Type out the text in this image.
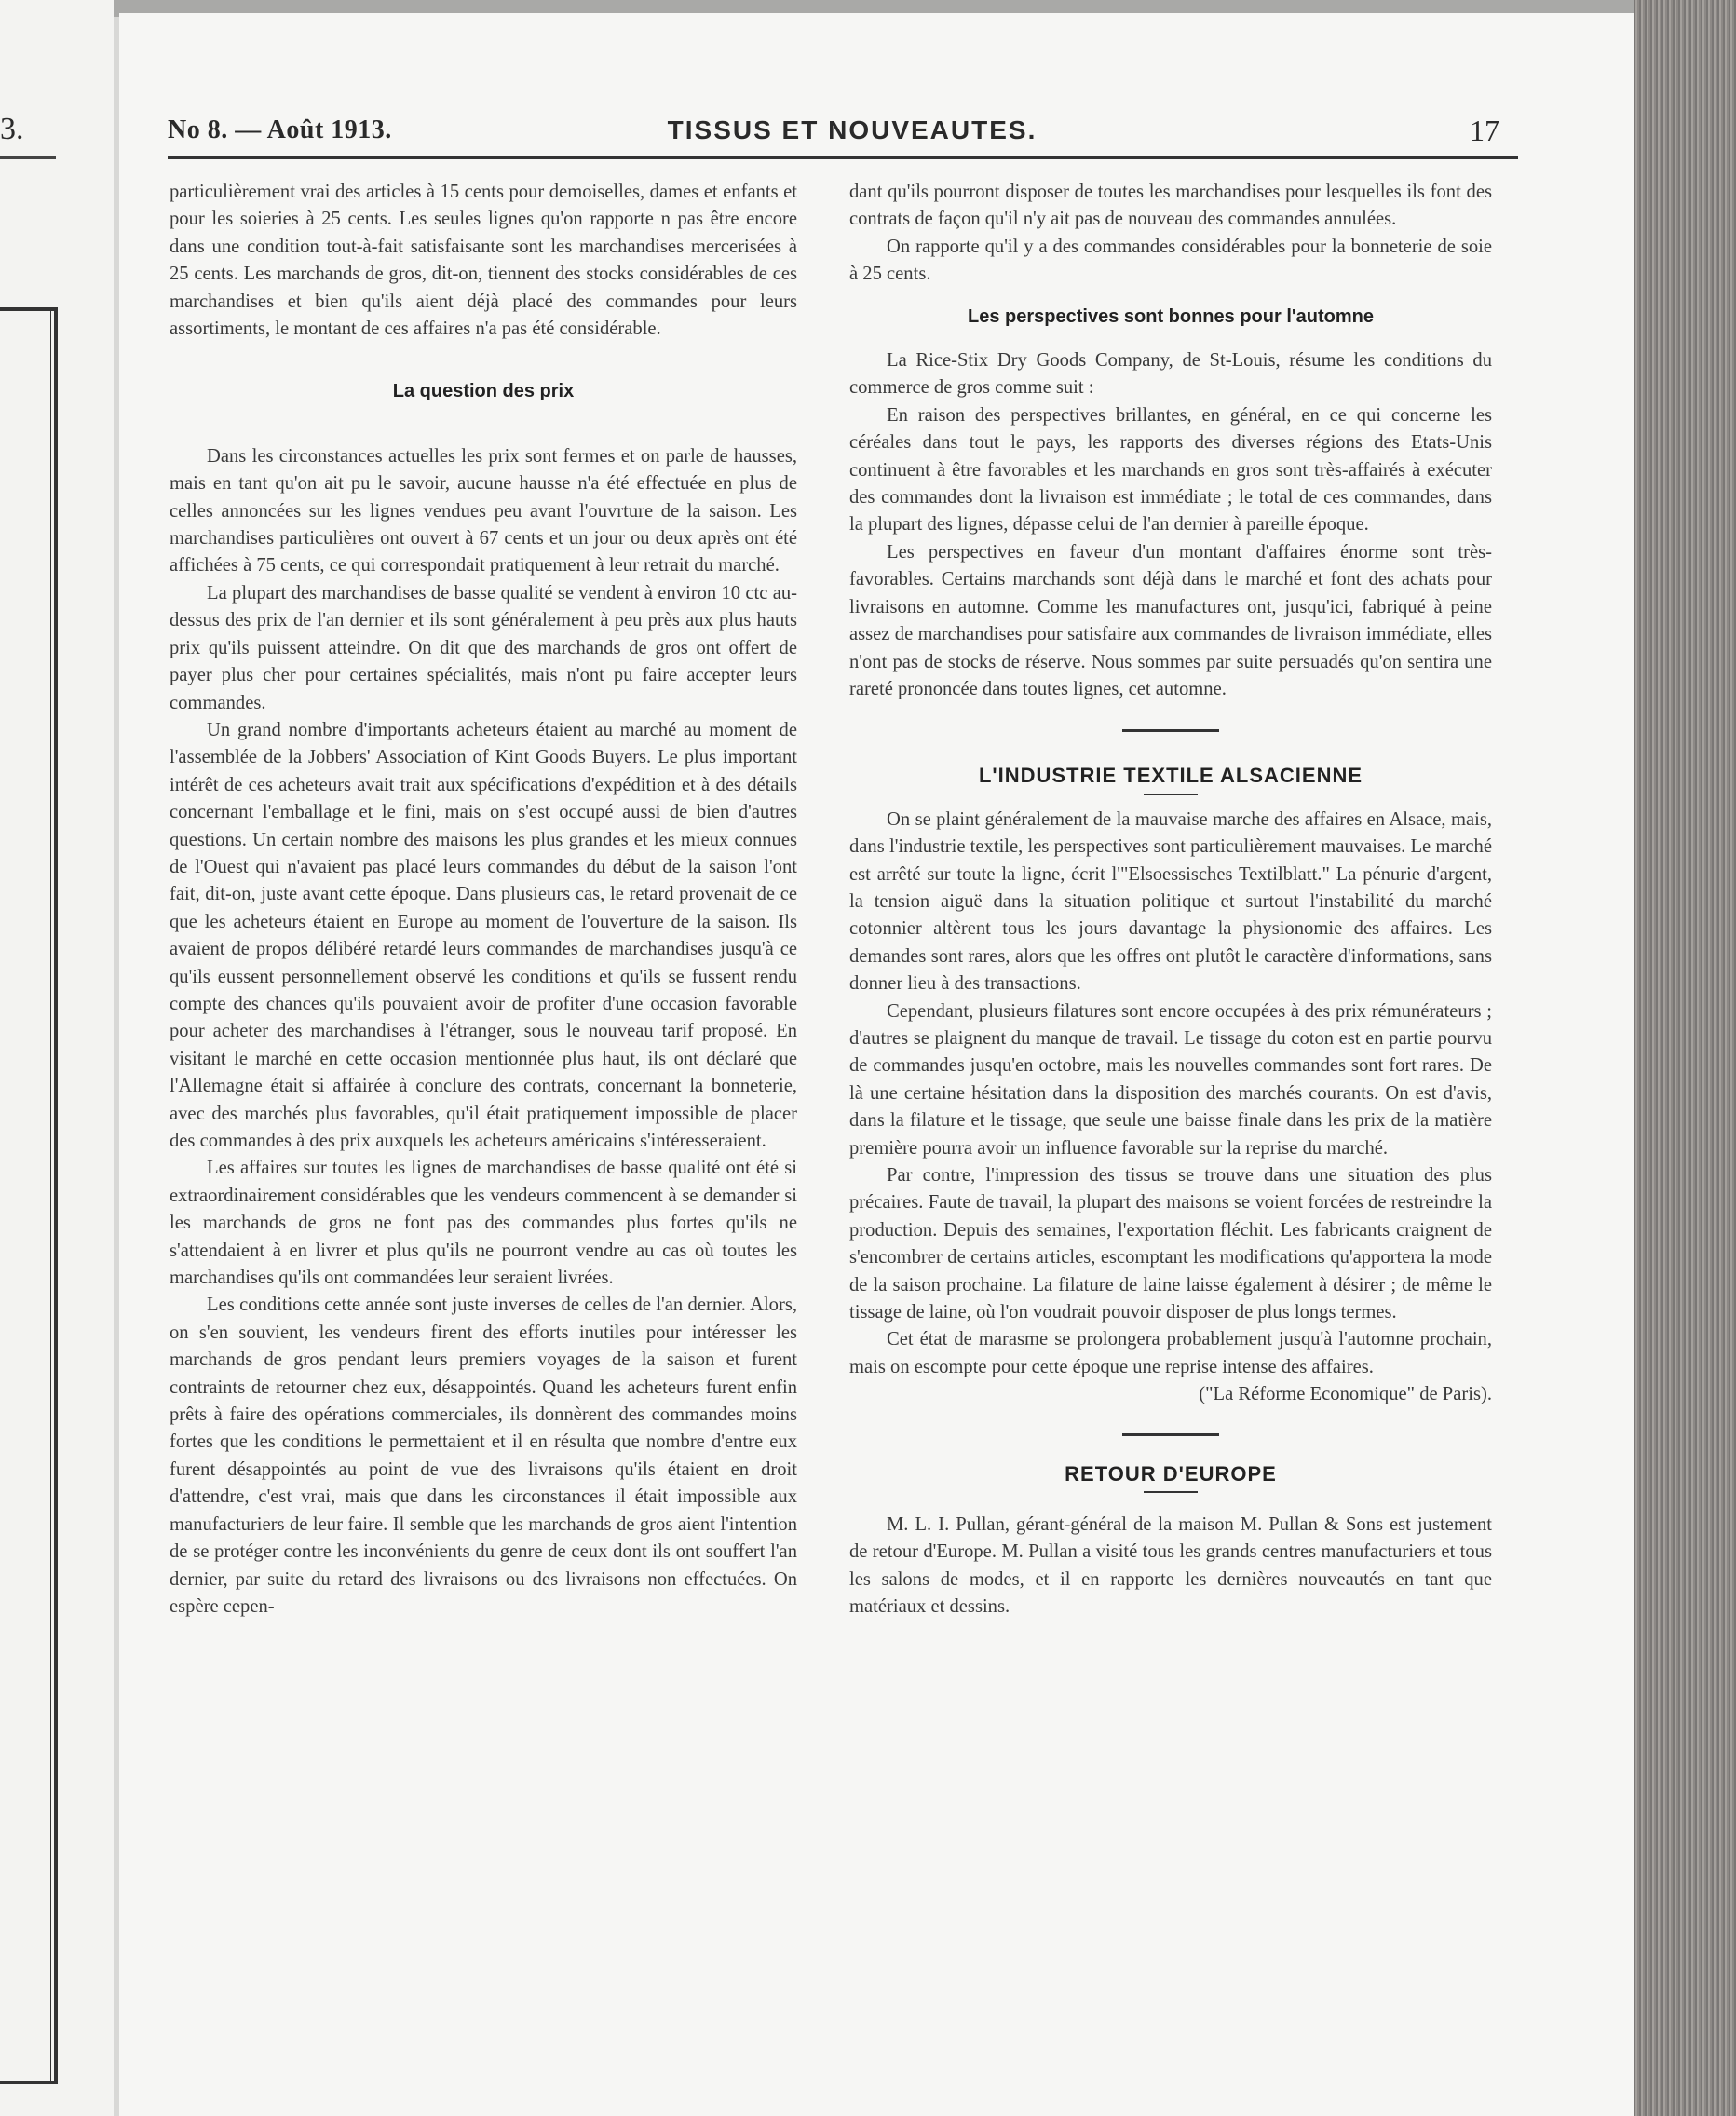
3.	No 8. — Août 1913.	TISSUS ET NOUVEAUTES.	17

particulièrement vrai des articles à 15 cents pour demoiselles, dames et enfants et pour les soieries à 25 cents. Les seules lignes qu'on rapporte n pas être encore dans une condition tout-à-fait satisfaisante sont les marchandises mercerisées à 25 cents. Les marchands de gros, dit-on, tiennent des stocks considérables de ces marchandises et bien qu'ils aient déjà placé des commandes pour leurs assortiments, le montant de ces affaires n'a pas été considérable.

La question des prix

Dans les circonstances actuelles les prix sont fermes et on parle de hausses, mais en tant qu'on ait pu le savoir, aucune hausse n'a été effectuée en plus de celles annoncées sur les lignes vendues peu avant l'ouvrture de la saison. Les marchandises particulières ont ouvert à 67 cents et un jour ou deux après ont été affichées à 75 cents, ce qui correspondait pratiquement à leur retrait du marché.

La plupart des marchandises de basse qualité se vendent à environ 10 ctc au-dessus des prix de l'an dernier et ils sont généralement à peu près aux plus hauts prix qu'ils puissent atteindre. On dit que des marchands de gros ont offert de payer plus cher pour certaines spécialités, mais n'ont pu faire accepter leurs commandes.

Un grand nombre d'importants acheteurs étaient au marché au moment de l'assemblée de la Jobbers' Association of Kint Goods Buyers. Le plus important intérêt de ces acheteurs avait trait aux spécifications d'expédition et à des détails concernant l'emballage et le fini, mais on s'est occupé aussi de bien d'autres questions. Un certain nombre des maisons les plus grandes et les mieux connues de l'Ouest qui n'avaient pas placé leurs commandes du début de la saison l'ont fait, dit-on, juste avant cette époque. Dans plusieurs cas, le retard provenait de ce que les acheteurs étaient en Europe au moment de l'ouverture de la saison. Ils avaient de propos délibéré retardé leurs commandes de marchandises jusqu'à ce qu'ils eussent personnellement observé les conditions et qu'ils se fussent rendu compte des chances qu'ils pouvaient avoir de profiter d'une occasion favorable pour acheter des marchandises à l'étranger, sous le nouveau tarif proposé. En visitant le marché en cette occasion mentionnée plus haut, ils ont déclaré que l'Allemagne était si affairée à conclure des contrats, concernant la bonneterie, avec des marchés plus favorables, qu'il était pratiquement impossible de placer des commandes à des prix auxquels les acheteurs américains s'intéresseraient.

Les affaires sur toutes les lignes de marchandises de basse qualité ont été si extraordinairement considérables que les vendeurs commencent à se demander si les marchands de gros ne font pas des commandes plus fortes qu'ils ne s'attendaient à en livrer et plus qu'ils ne pourront vendre au cas où toutes les marchandises qu'ils ont commandées leur seraient livrées.

Les conditions cette année sont juste inverses de celles de l'an dernier. Alors, on s'en souvient, les vendeurs firent des efforts inutiles pour intéresser les marchands de gros pendant leurs premiers voyages de la saison et furent contraints de retourner chez eux, désappointés. Quand les acheteurs furent enfin prêts à faire des opérations commerciales, ils donnèrent des commandes moins fortes que les conditions le permettaient et il en résulta que nombre d'entre eux furent désappointés au point de vue des livraisons qu'ils étaient en droit d'attendre, c'est vrai, mais que dans les circonstances il était impossible aux manufacturiers de leur faire. Il semble que les marchands de gros aient l'intention de se protéger contre les inconvénients du genre de ceux dont ils ont souffert l'an dernier, par suite du retard des livraisons ou des livraisons non effectuées. On espère cepen-

dant qu'ils pourront disposer de toutes les marchandises pour lesquelles ils font des contrats de façon qu'il n'y ait pas de nouveau des commandes annulées.

On rapporte qu'il y a des commandes considérables pour la bonneterie de soie à 25 cents.

Les perspectives sont bonnes pour l'automne

La Rice-Stix Dry Goods Company, de St-Louis, résume les conditions du commerce de gros comme suit :

En raison des perspectives brillantes, en général, en ce qui concerne les céréales dans tout le pays, les rapports des diverses régions des Etats-Unis continuent à être favorables et les marchands en gros sont très-affairés à exécuter des commandes dont la livraison est immédiate ; le total de ces commandes, dans la plupart des lignes, dépasse celui de l'an dernier à pareille époque.

Les perspectives en faveur d'un montant d'affaires énorme sont très-favorables. Certains marchands sont déjà dans le marché et font des achats pour livraisons en automne. Comme les manufactures ont, jusqu'ici, fabriqué à peine assez de marchandises pour satisfaire aux commandes de livraison immédiate, elles n'ont pas de stocks de réserve. Nous sommes par suite persuadés qu'on sentira une rareté prononcée dans toutes lignes, cet automne.

L'INDUSTRIE TEXTILE ALSACIENNE

On se plaint généralement de la mauvaise marche des affaires en Alsace, mais, dans l'industrie textile, les perspectives sont particulièrement mauvaises. Le marché est arrêté sur toute la ligne, écrit l'"Elsoessisches Textilblatt." La pénurie d'argent, la tension aiguë dans la situation politique et surtout l'instabilité du marché cotonnier altèrent tous les jours davantage la physionomie des affaires. Les demandes sont rares, alors que les offres ont plutôt le caractère d'informations, sans donner lieu à des transactions.

Cependant, plusieurs filatures sont encore occupées à des prix rémunérateurs ; d'autres se plaignent du manque de travail. Le tissage du coton est en partie pourvu de commandes jusqu'en octobre, mais les nouvelles commandes sont fort rares. De là une certaine hésitation dans la disposition des marchés courants. On est d'avis, dans la filature et le tissage, que seule une baisse finale dans les prix de la matière première pourra avoir un influence favorable sur la reprise du marché.

Par contre, l'impression des tissus se trouve dans une situation des plus précaires. Faute de travail, la plupart des maisons se voient forcées de restreindre la production. Depuis des semaines, l'exportation fléchit. Les fabricants craignent de s'encombrer de certains articles, escomptant les modifications qu'apportera la mode de la saison prochaine. La filature de laine laisse également à désirer ; de même le tissage de laine, où l'on voudrait pouvoir disposer de plus longs termes.

Cet état de marasme se prolongera probablement jusqu'à l'automne prochain, mais on escompte pour cette époque une reprise intense des affaires.

("La Réforme Economique" de Paris).

RETOUR D'EUROPE

M. L. I. Pullan, gérant-général de la maison M. Pullan & Sons est justement de retour d'Europe. M. Pullan a visité tous les grands centres manufacturiers et tous les salons de modes, et il en rapporte les dernières nouveautés en tant que matériaux et dessins.
